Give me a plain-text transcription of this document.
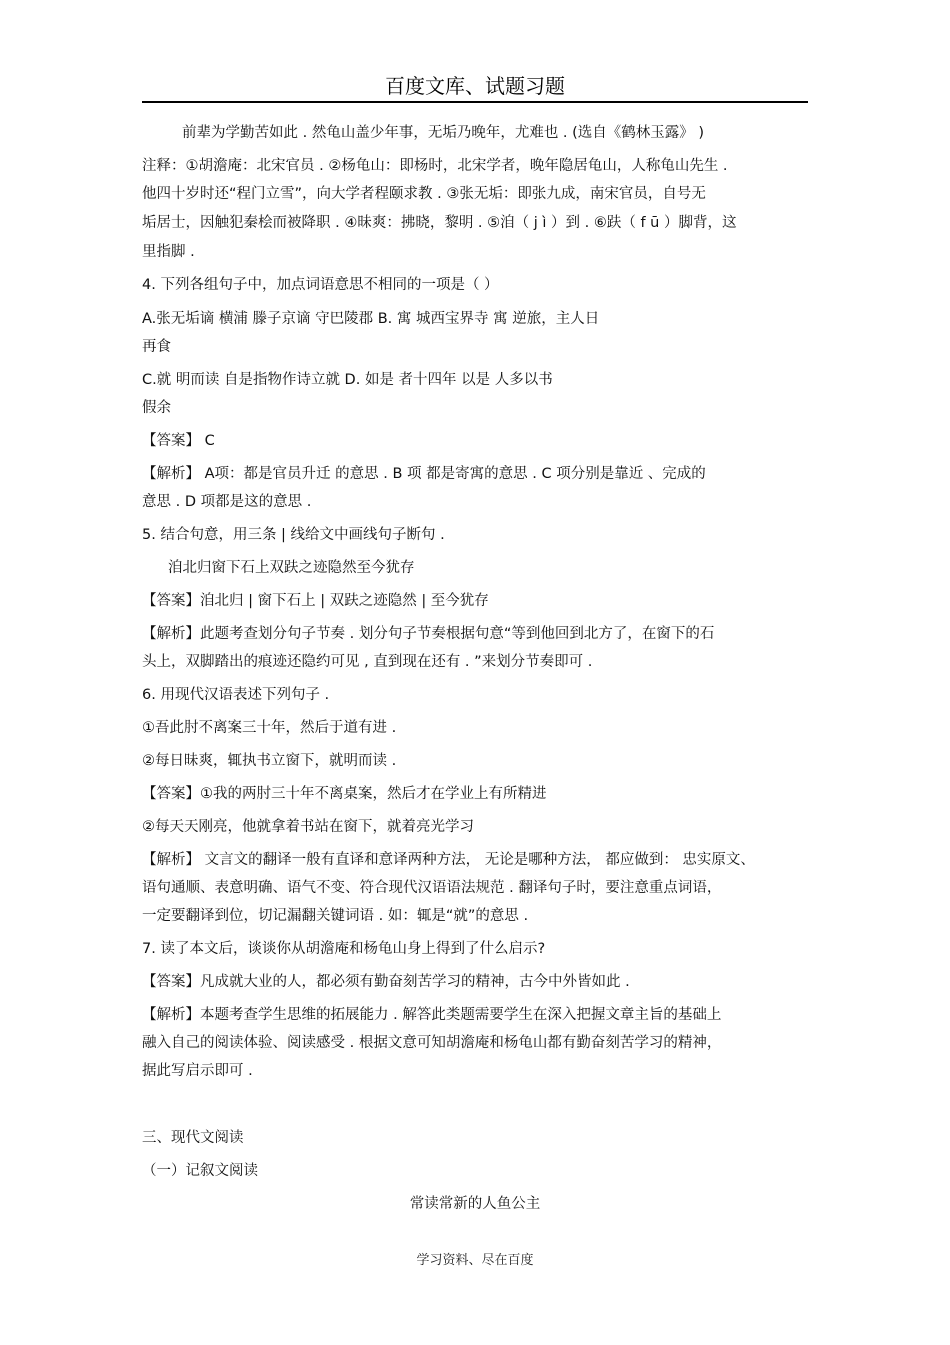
百度文库、试题习题
前辈为学勤苦如此 . 然龟山盖少年事，无垢乃晚年，尤难也 . (选自《鹤林玉露》 )
注释：①胡澹庵：北宋官员 . ②杨龟山：即杨时，北宋学者，晚年隐居龟山，人称龟山先生 .
他四十岁时还“程门立雪”，向大学者程颐求教 . ③张无垢：即张九成，南宋官员，自号无
垢居士，因触犯秦桧而被降职 . ④昧爽：拂晓，黎明 . ⑤洎（ j ì ）到 . ⑥趺（ f ū ）脚背，这
里指脚 .
4. 下列各组句子中，加点词语意思不相同的一项是（ ）
A.张无垢谪 横浦 滕子京谪 守巴陵郡 B. 寓 城西宝界寺 寓 逆旅，主人日
再食
C.就 明而读 自是指物作诗立就 D. 如是 者十四年 以是 人多以书
假余
【答案】 C
【解析】 A项：都是官员升迁 的意思 . B 项 都是寄寓的意思 . C 项分别是靠近 、完成的
意思 . D 项都是这的意思 .
5. 结合句意，用三条 | 线给文中画线句子断句 .
洎北归窗下石上双趺之迹隐然至今犹存
【答案】洎北归 | 窗下石上 | 双趺之迹隐然 | 至今犹存
【解析】此题考查划分句子节奏 . 划分句子节奏根据句意“等到他回到北方了，在窗下的石
头上，双脚踏出的痕迹还隐约可见 , 直到现在还有 . ”来划分节奏即可 .
6. 用现代汉语表述下列句子 .
①吾此肘不离案三十年，然后于道有进 .
②每日昧爽，辄执书立窗下，就明而读 .
【答案】①我的两肘三十年不离桌案，然后才在学业上有所精进
②每天天刚亮，他就拿着书站在窗下，就着亮光学习
【解析】 文言文的翻译一般有直译和意译两种方法， 无论是哪种方法， 都应做到： 忠实原文、
语句通顺、表意明确、语气不变、符合现代汉语语法规范 . 翻译句子时，要注意重点词语，
一定要翻译到位，切记漏翻关键词语 . 如：辄是“就”的意思 .
7. 读了本文后，谈谈你从胡澹庵和杨龟山身上得到了什么启示?
【答案】凡成就大业的人，都必须有勤奋刻苦学习的精神，古今中外皆如此 .
【解析】本题考查学生思维的拓展能力 . 解答此类题需要学生在深入把握文章主旨的基础上
融入自己的阅读体验、阅读感受 . 根据文意可知胡澹庵和杨龟山都有勤奋刻苦学习的精神，
据此写启示即可 .
三、现代文阅读
（一）记叙文阅读
常读常新的人鱼公主
学习资料、尽在百度
